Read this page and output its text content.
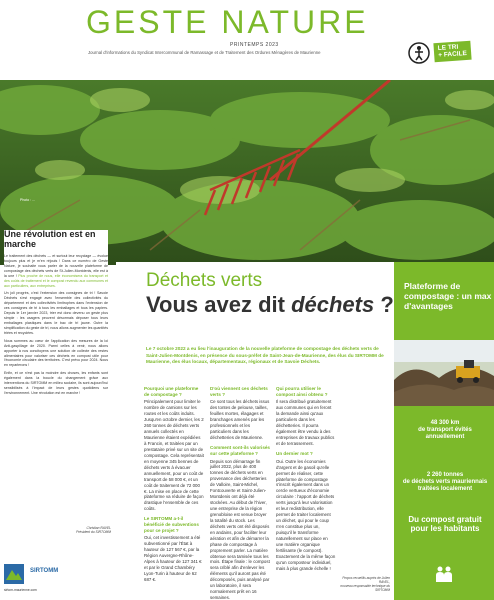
GESTE NATURE
PRINTEMPS 2023
Journal d'informations du Syndicat Intercommunal de Ramassage et de Traitement des Ordures Ménagères de Maurienne
LE TRI
+ FACILE
Photo : ...
Une révolution est en marche

Le traitement des déchets — et surtout leur recyclage — évolue toujours plus et je m'en réjouis ! Dans ce numéro de Geste Nature, je souhaite vous parler de la nouvelle plateforme de compostage des déchets verts de St-Julien-Montdenis, elle est à la une ! Plus proche de nous, elle économisera du transport et des coûts de traitement et le compost revendu aux communes et aux particuliers, aux entreprises.

Un joli progrès, c'est l'extension des consignes de tri ! Savoie Déchets s'est engagé avec l'ensemble des collectivités du département et des collectivités limitrophes dans l'extension de ces consignes de tri à tous les emballages et tous les papiers. Depuis le 1er janvier 2023, trier est donc devenu un geste plus simple : les usagers peuvent désormais déposer tous leurs emballages plastiques dans le bac de tri jaune. Outre la simplification du geste de tri, nous allons augmenter les quantités triées et recyclées.

Nous sommes au cœur de l'application des mesures de la loi Anti-gaspillage de 2020. Parmi celles à venir, nous allons apporter à nos concitoyens une solution de collecte des restes alimentaires pour valoriser ces déchets en compost utile pour l'économie circulaire des territoires. C'est prévu pour 2024. Nous en reparlerons !

Enfin, et ce n'est pas la moindre des choses, les enfants sont également dans la boucle du changement grâce aux interventions du SIRTOMM en milieu scolaire, ils sont aujourd'hui sensibilisés à l'impact de leurs gestes quotidiens sur l'environnement. Une révolution est en marche !

Christian RAVEL
Président du SIRTOMM
SIRTOMM
sirtom-maurienne.com
Déchets verts
Vous avez dit déchets ?
Le 7 octobre 2022 a eu lieu l'inauguration de la nouvelle plateforme de compostage des déchets verts de Saint-Julien-Montdenis, en présence du sous-préfet de Saint-Jean-de-Maurienne, des élus du SIRTOMM de Maurienne, des élus locaux, départementaux, régionaux et de Savoie Déchets.
Pourquoi une plateforme de compostage ?

Principalement pour limiter le nombre de camions sur les routes et les coûts induits. Jusqu'en octobre dernier, les 2 260 tonnes de déchets verts annuels collectés en Maurienne étaient expédiées à Francin, et traitées par un prestataire privé sur un site de compostage. Cela représentait en moyenne 345 bennes de déchets verts à évacuer annuellement, pour un coût de transport de 58 000 €, et un coût de traitement de 72 000 €. La mise en place de cette plateforme va réduire de façon drastique l'ensemble de ces coûts.

Le SIRTOMM a-t-il bénéficié de subventions pour ce projet ?

Oui, cet investissement a été subventionné par l'État à hauteur de 127 567 €, par la Région Auvergne-Rhône-Alpes à hauteur de 127 341 € et par le Grand Chambéry Lyon-Turin à hauteur de 62 687 €.

D'où viennent ces déchets verts ?

Ce sont tous les déchets issus des tontes de pelouse, tailles, feuilles mortes, élagages et branchages amenés par les professionnels et les particuliers dans les déchetteries de Maurienne.

Comment sont-ils valorisés sur cette plateforme ?

Depuis son démarrage fin juillet 2022, plus de 400 tonnes de déchets verts en provenance des déchetteries de Valloire, Saint-Michel, Fontcouverte et Saint-Julien-Montdenis ont déjà été stockées. Au début de l'hiver, une entreprise de la région grenobloise est venue broyer la totalité du stock. Les déchets verts ont été disposés en andains, pour faciliter leur aération et afin de démarrer la phase de compostage à proprement parler. La matière obtenue sera tamisée tous les mois. Étape finale : le compost sera criblé afin d'enlever les éléments qu'il auront pas été décomposés, puis analysé par un laboratoire, il sera normalement prêt en 16 semaines.

Qui pourra utiliser le compost ainsi obtenu ?

Il sera distribué gratuitement aux communes qui en feront la demande ainsi qu'aux particuliers dans les déchetteries. Il pourra également être vendu à des entreprises de travaux publics et de terrassement.

Un dernier mot ?

Oui. Outre les économies d'argent et de gasoil qu'elle permet de réaliser, cette plateforme de compostage s'inscrit également dans un cercle vertueux d'économie circulaire : l'apport de déchets verts jusqu'à leur valorisation et leur redistribution, elle permet de traiter localement un déchet, qui pour le coup n'en constitue plus un, puisqu'il le transforme naturellement sur place en une matière organique fertilisante (le compost). Exactement de la même façon qu'un composteur individuel, mais à plus grande échelle !

Propos recueillis auprès de Julien RAVEL,
nouveau responsable technique du SIRTOMM
Plateforme de compostage : un max d'avantages
48 300 km
de transport évités annuellement
2 260 tonnes
de déchets verts mauriennais traitées localement
Du compost gratuit
pour les habitants
